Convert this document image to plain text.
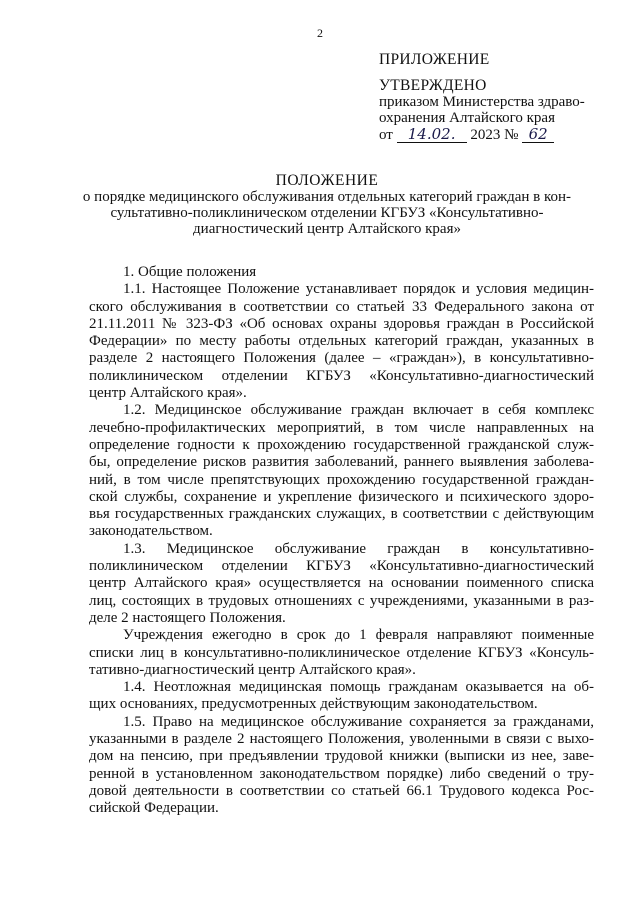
2
ПРИЛОЖЕНИЕ
УТВЕРЖДЕНО
приказом Министерства здраво-
охранения Алтайского края
от 14.02. 2023 № 62
ПОЛОЖЕНИЕ
о порядке медицинского обслуживания отдельных категорий граждан в кон-
сультативно-поликлиническом отделении КГБУЗ «Консультативно-
диагностический центр Алтайского края»
1. Общие положения
1.1. Настоящее Положение устанавливает порядок и условия медицин-
ского обслуживания в соответствии со статьей 33 Федерального закона от
21.11.2011 № 323-ФЗ «Об основах охраны здоровья граждан в Российской
Федерации» по месту работы отдельных категорий граждан, указанных в
разделе 2 настоящего Положения (далее – «граждан»), в консультативно-
поликлиническом отделении КГБУЗ «Консультативно-диагностический
центр Алтайского края».
1.2. Медицинское обслуживание граждан включает в себя комплекс
лечебно-профилактических мероприятий, в том числе направленных на
определение годности к прохождению государственной гражданской служ-
бы, определение рисков развития заболеваний, раннего выявления заболева-
ний, в том числе препятствующих прохождению государственной граждан-
ской службы, сохранение и укрепление физического и психического здоро-
вья государственных гражданских служащих, в соответствии с действующим
законодательством.
1.3. Медицинское обслуживание граждан в консультативно-
поликлиническом отделении КГБУЗ «Консультативно-диагностический
центр Алтайского края» осуществляется на основании поименного списка
лиц, состоящих в трудовых отношениях с учреждениями, указанными в раз-
деле 2 настоящего Положения.
Учреждения ежегодно в срок до 1 февраля направляют поименные
списки лиц в консультативно-поликлиническое отделение КГБУЗ «Консуль-
тативно-диагностический центр Алтайского края».
1.4. Неотложная медицинская помощь гражданам оказывается на об-
щих основаниях, предусмотренных действующим законодательством.
1.5. Право на медицинское обслуживание сохраняется за гражданами,
указанными в разделе 2 настоящего Положения, уволенными в связи с выхо-
дом на пенсию, при предъявлении трудовой книжки (выписки из нее, заве-
ренной в установленном законодательством порядке) либо сведений о тру-
довой деятельности в соответствии со статьей 66.1 Трудового кодекса Рос-
сийской Федерации.
